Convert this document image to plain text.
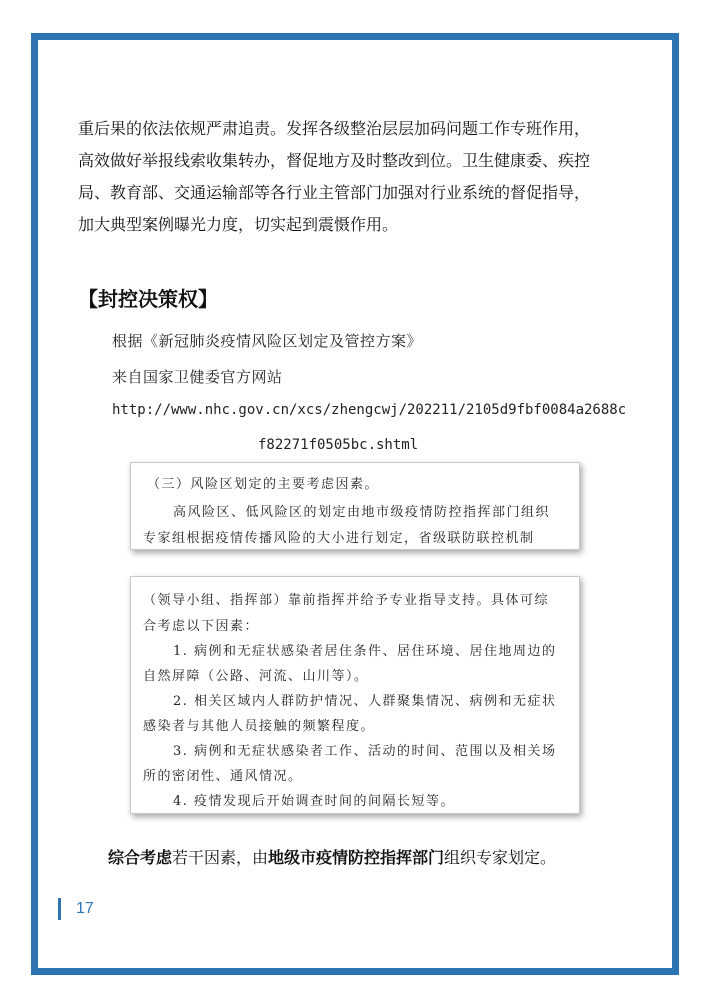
重后果的依法依规严肃追责。发挥各级整治层层加码问题工作专班作用，
高效做好举报线索收集转办，督促地方及时整改到位。卫生健康委、疾控
局、教育部、交通运输部等各行业主管部门加强对行业系统的督促指导，
加大典型案例曝光力度，切实起到震慑作用。
【封控决策权】
根据《新冠肺炎疫情风险区划定及管控方案》
来自国家卫健委官方网站
http://www.nhc.gov.cn/xcs/zhengcwj/202211/2105d9fbf0084a2688c
f82271f0505bc.shtml
（三）风险区划定的主要考虑因素。
高风险区、低风险区的划定由地市级疫情防控指挥部门组织
专家组根据疫情传播风险的大小进行划定，省级联防联控机制
（领导小组、指挥部）靠前指挥并给予专业指导支持。具体可综
合考虑以下因素：
1. 病例和无症状感染者居住条件、居住环境、居住地周边的
自然屏障（公路、河流、山川等）。
2. 相关区域内人群防护情况、人群聚集情况、病例和无症状
感染者与其他人员接触的频繁程度。
3. 病例和无症状感染者工作、活动的时间、范围以及相关场
所的密闭性、通风情况。
4. 疫情发现后开始调查时间的间隔长短等。
综合考虑若干因素，由地级市疫情防控指挥部门组织专家划定。
17
